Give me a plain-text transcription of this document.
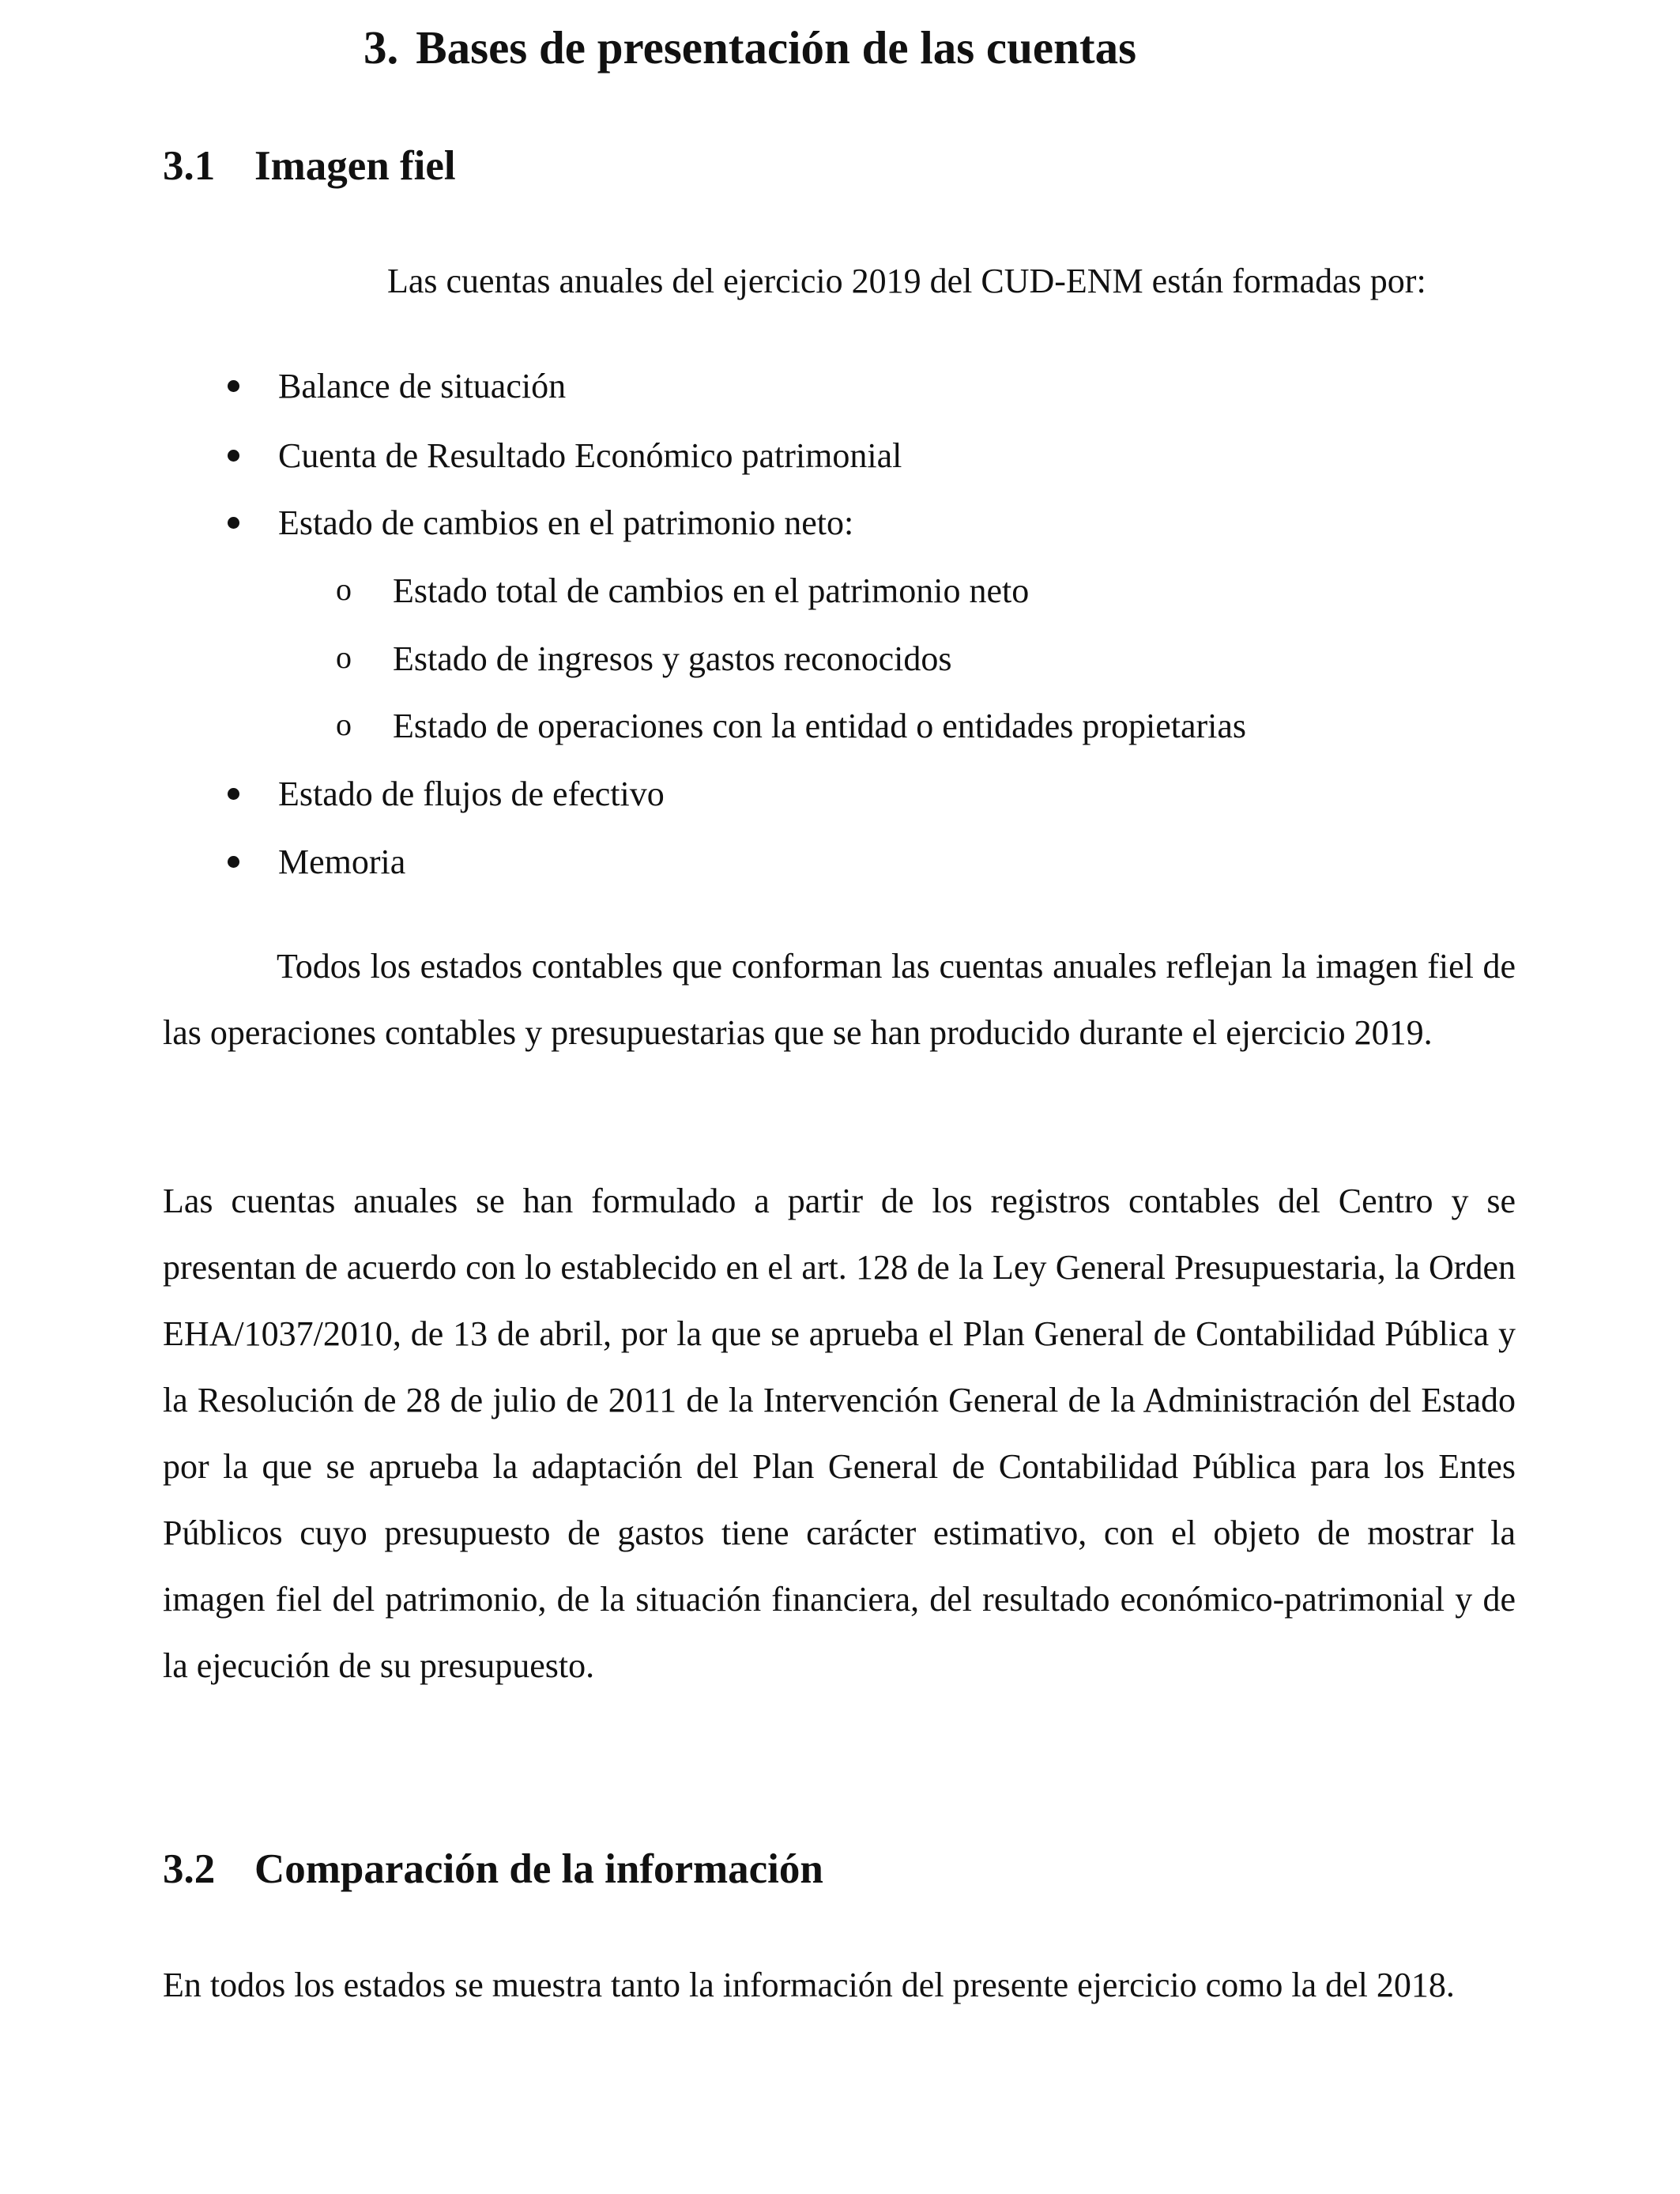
3. Bases de presentación de las cuentas
3.1 Imagen fiel
Las cuentas anuales del ejercicio 2019 del CUD-ENM están formadas por:
Balance de situación
Cuenta de Resultado Económico patrimonial
Estado de cambios en el patrimonio neto:
o Estado total de cambios en el patrimonio neto
o Estado de ingresos y gastos reconocidos
o Estado de operaciones con la entidad o entidades propietarias
Estado de flujos de efectivo
Memoria

Todos los estados contables que conforman las cuentas anuales reflejan la imagen fiel de las operaciones contables y presupuestarias que se han producido durante el ejercicio 2019.

Las cuentas anuales se han formulado a partir de los registros contables del Centro y se presentan de acuerdo con lo establecido en el art. 128 de la Ley General Presupuestaria, la Orden EHA/1037/2010, de 13 de abril, por la que se aprueba el Plan General de Contabilidad Pública y la Resolución de 28 de julio de 2011 de la Intervención General de la Administración del Estado por la que se aprueba la adaptación del Plan General de Contabilidad Pública para los Entes Públicos cuyo presupuesto de gastos tiene carácter estimativo, con el objeto de mostrar la imagen fiel del patrimonio, de la situación financiera, del resultado económico-patrimonial y de la ejecución de su presupuesto.

3.2 Comparación de la información

En todos los estados se muestra tanto la información del presente ejercicio como la del 2018.
